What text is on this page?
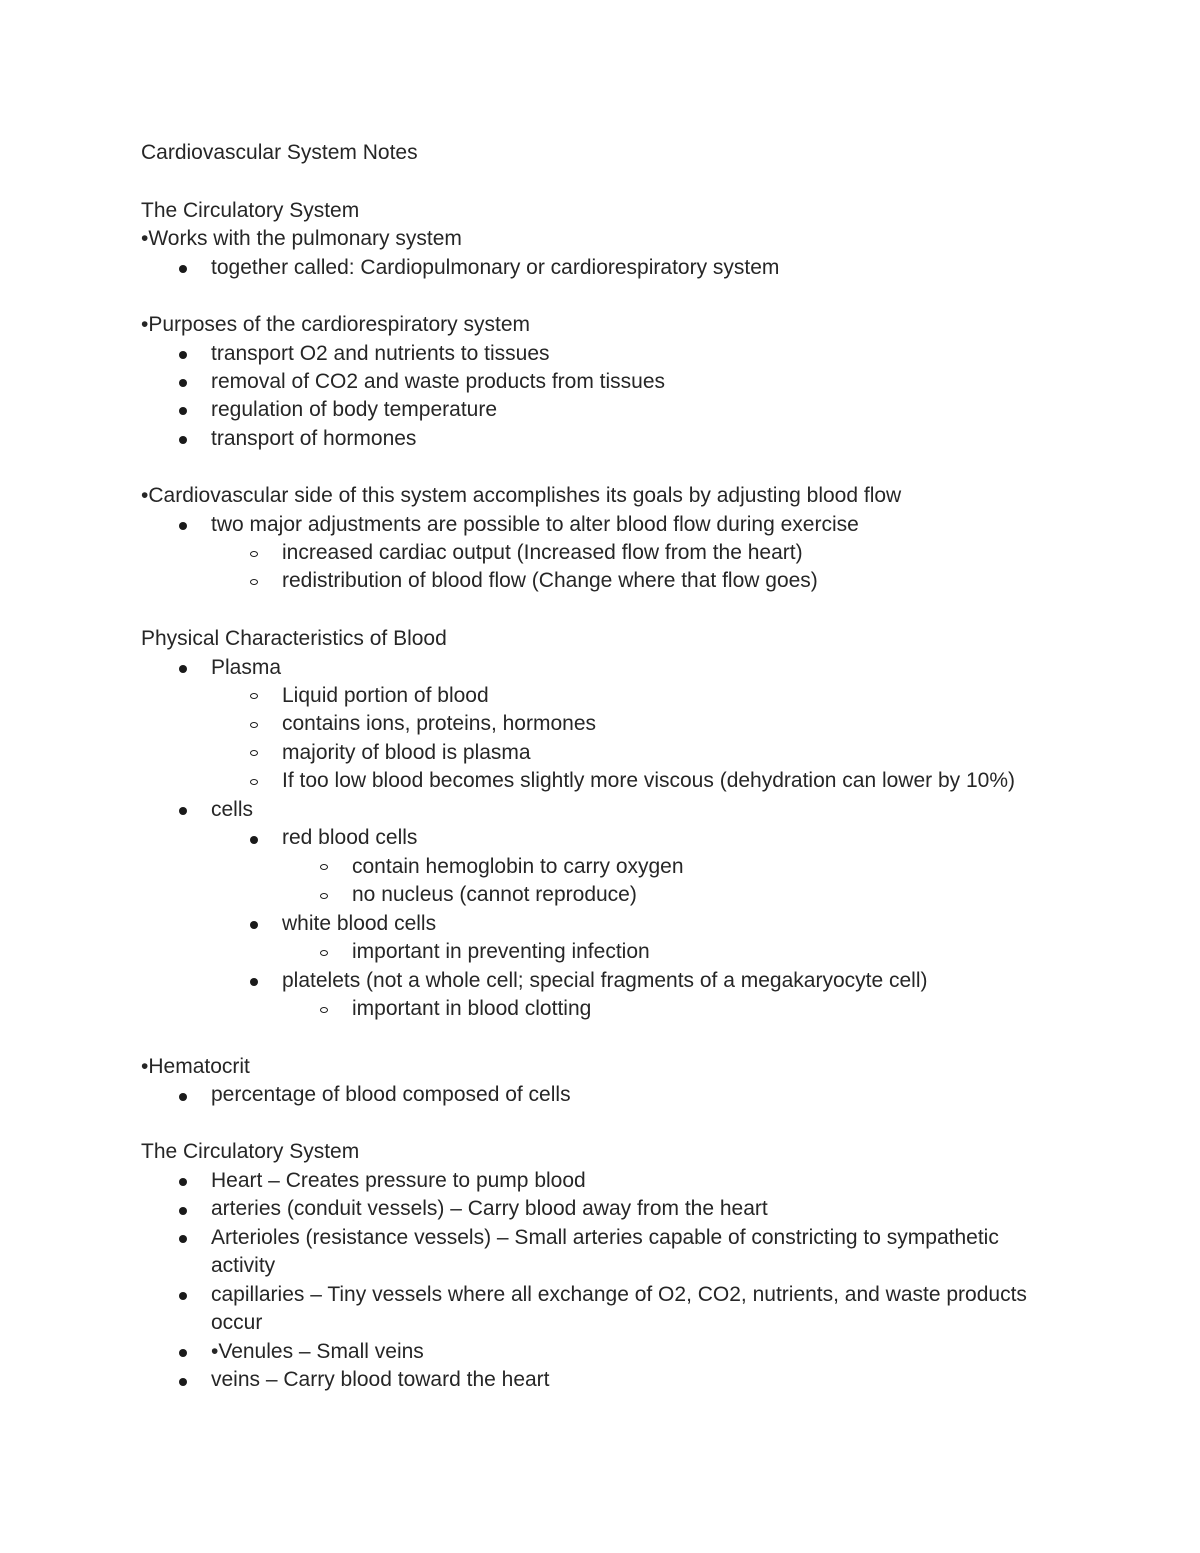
Cardiovascular System Notes
The Circulatory System
•Works with the pulmonary system
together called: Cardiopulmonary or cardiorespiratory system
•Purposes of the cardiorespiratory system
transport O2 and nutrients to tissues
removal of CO2 and waste products from tissues
regulation of body temperature
transport of hormones
•Cardiovascular side of this system accomplishes its goals by adjusting blood flow
two major adjustments are possible to alter blood flow during exercise
increased cardiac output (Increased flow from the heart)
redistribution of blood flow (Change where that flow goes)
Physical Characteristics of Blood
Plasma
Liquid portion of blood
contains ions, proteins, hormones
majority of blood is plasma
If too low blood becomes slightly more viscous (dehydration can lower by 10%)
cells
red blood cells
contain hemoglobin to carry oxygen
no nucleus (cannot reproduce)
white blood cells
important in preventing infection
platelets (not a whole cell; special fragments of a megakaryocyte cell)
important in blood clotting
•Hematocrit
percentage of blood composed of cells
The Circulatory System
Heart – Creates pressure to pump blood
arteries (conduit vessels) – Carry blood away from the heart
Arterioles (resistance vessels) – Small arteries capable of constricting to sympathetic
activity
capillaries – Tiny vessels where all exchange of O2, CO2, nutrients, and waste products
occur
•Venules – Small veins
veins – Carry blood toward the heart
